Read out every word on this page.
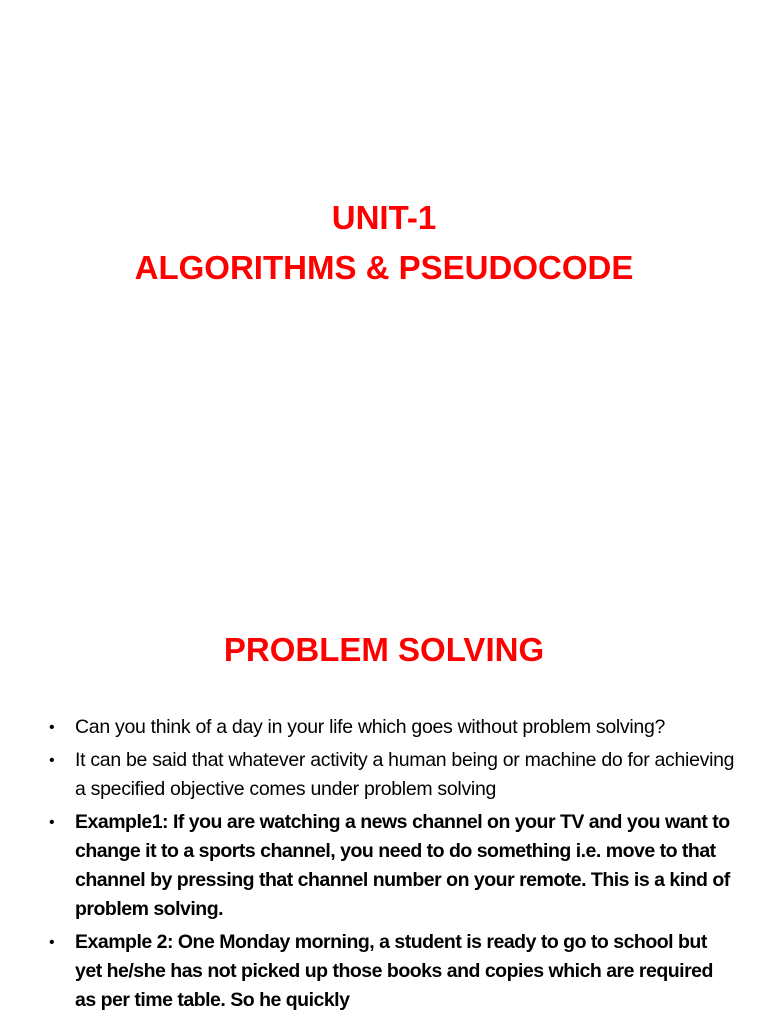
UNIT-1
ALGORITHMS & PSEUDOCODE
PROBLEM SOLVING
• Can you think of a day in your life which goes without problem solving?
• It can be said that whatever activity a human being or machine do for achieving a specified objective comes under problem solving
• Example1: If you are watching a news channel on your TV and you want to change it to a sports channel, you need to do something i.e. move to that channel by pressing that channel number on your remote. This is a kind of problem solving.
• Example 2: One Monday morning, a student is ready to go to school but yet he/she has not picked up those books and copies which are required as per time table. So he quickly
